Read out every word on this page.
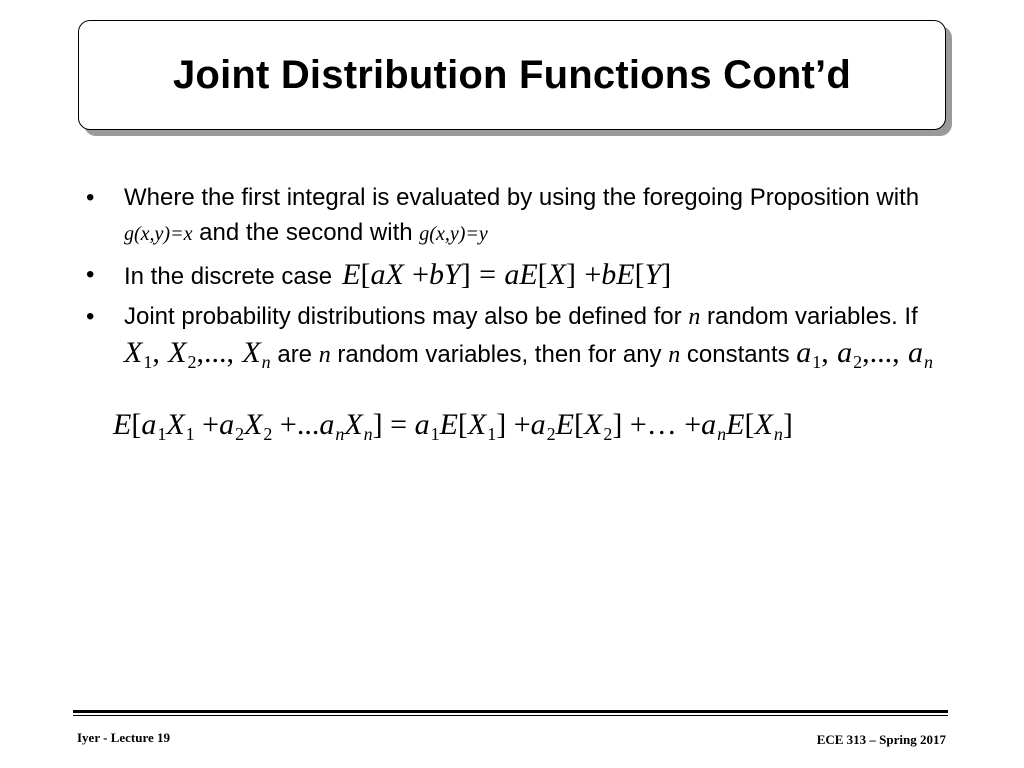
Joint Distribution Functions Cont’d
•	Where the first integral is evaluated by using the foregoing Proposition with g(x,y)=x and the second with g(x,y)=y
•	In the discrete case E[aX +bY] = aE[X] +bE[Y]
•	Joint probability distributions may also be defined for n random variables. If $X_1$, $X_2$,..., $X_n$ are n random variables, then for any n constants $a_1$, $a_2$,..., $a_n$
$E[a_1X_1 +a_2X_2 +...a_nX_n] = a_1E[X_1] +a_2E[X_2]$ +… $+a_nE[X_n]$
Iyer - Lecture 19	ECE 313 – Spring 2017
